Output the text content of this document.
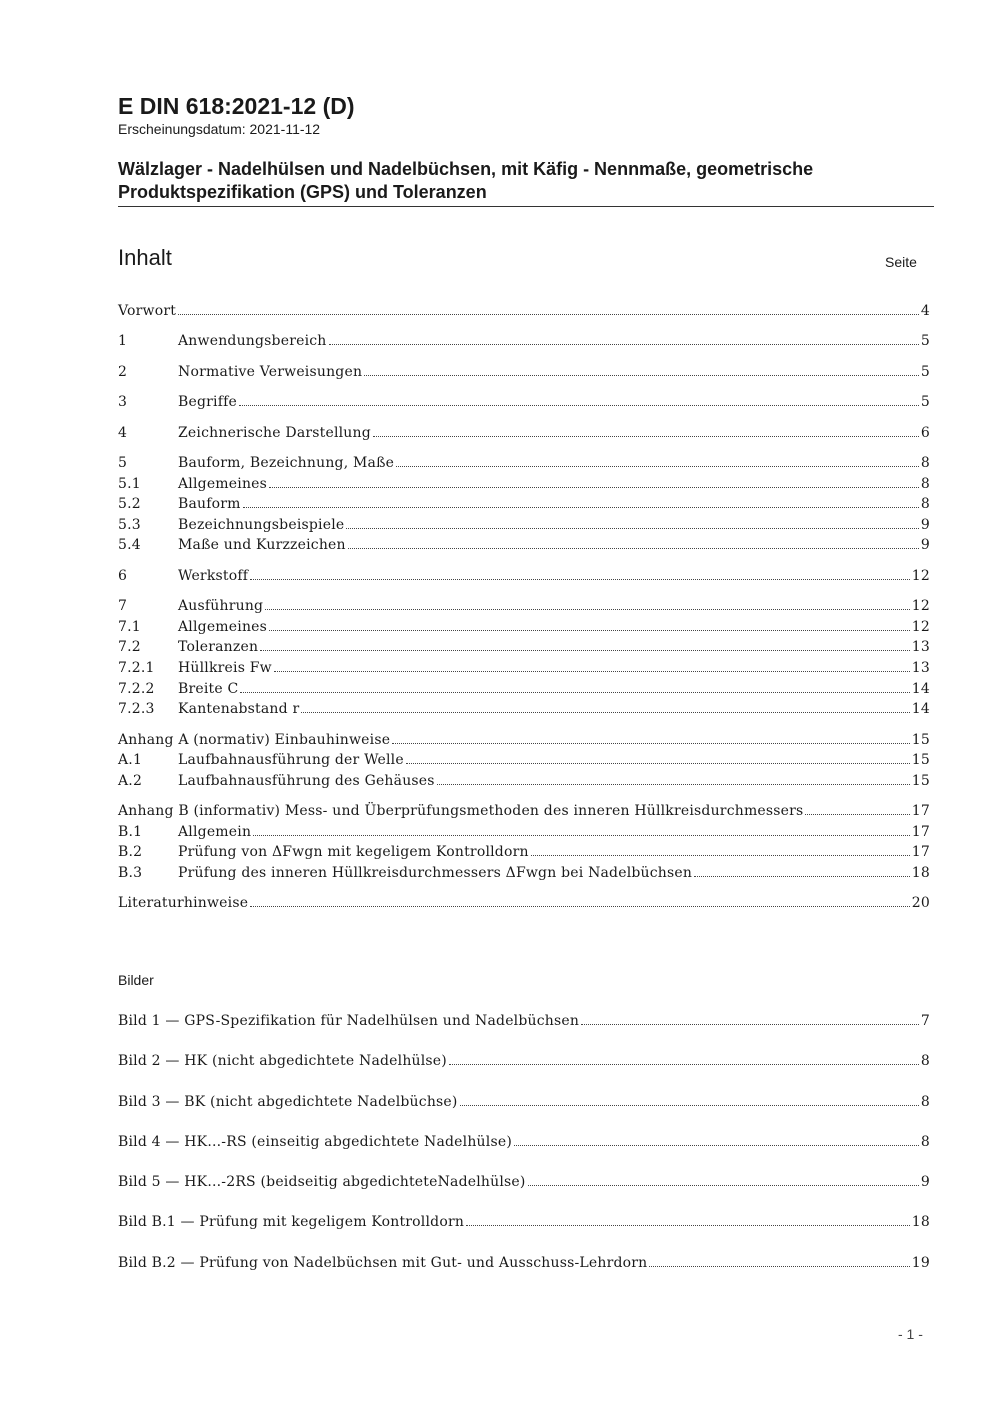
E DIN 618:2021-12 (D)
Erscheinungsdatum: 2021-11-12
Wälzlager - Nadelhülsen und Nadelbüchsen, mit Käfig - Nennmaße, geometrische
Produktspezifikation (GPS) und Toleranzen
Inhalt	Seite
Vorwort	4
1	Anwendungsbereich	5
2	Normative Verweisungen	5
3	Begriffe	5
4	Zeichnerische Darstellung	6
5	Bauform, Bezeichnung, Maße	8
5.1	Allgemeines	8
5.2	Bauform	8
5.3	Bezeichnungsbeispiele	9
5.4	Maße und Kurzzeichen	9
6	Werkstoff	12
7	Ausführung	12
7.1	Allgemeines	12
7.2	Toleranzen	13
7.2.1	Hüllkreis Fw	13
7.2.2	Breite C	14
7.2.3	Kantenabstand r	14
Anhang A (normativ) Einbauhinweise	15
A.1	Laufbahnausführung der Welle	15
A.2	Laufbahnausführung des Gehäuses	15
Anhang B (informativ) Mess- und Überprüfungsmethoden des inneren Hüllkreisdurchmessers	17
B.1	Allgemein	17
B.2	Prüfung von ΔFwgn mit kegeligem Kontrolldorn	17
B.3	Prüfung des inneren Hüllkreisdurchmessers ΔFwgn bei Nadelbüchsen	18
Literaturhinweise	20
Bilder
Bild 1 — GPS-Spezifikation für Nadelhülsen und Nadelbüchsen	7
Bild 2 — HK (nicht abgedichtete Nadelhülse)	8
Bild 3 — BK (nicht abgedichtete Nadelbüchse)	8
Bild 4 — HK...-RS (einseitig abgedichtete Nadelhülse)	8
Bild 5 — HK...-2RS (beidseitig abgedichteteNadelhülse)	9
Bild B.1 — Prüfung mit kegeligem Kontrolldorn	18
Bild B.2 — Prüfung von Nadelbüchsen mit Gut- und Ausschuss-Lehrdorn	19
- 1 -
